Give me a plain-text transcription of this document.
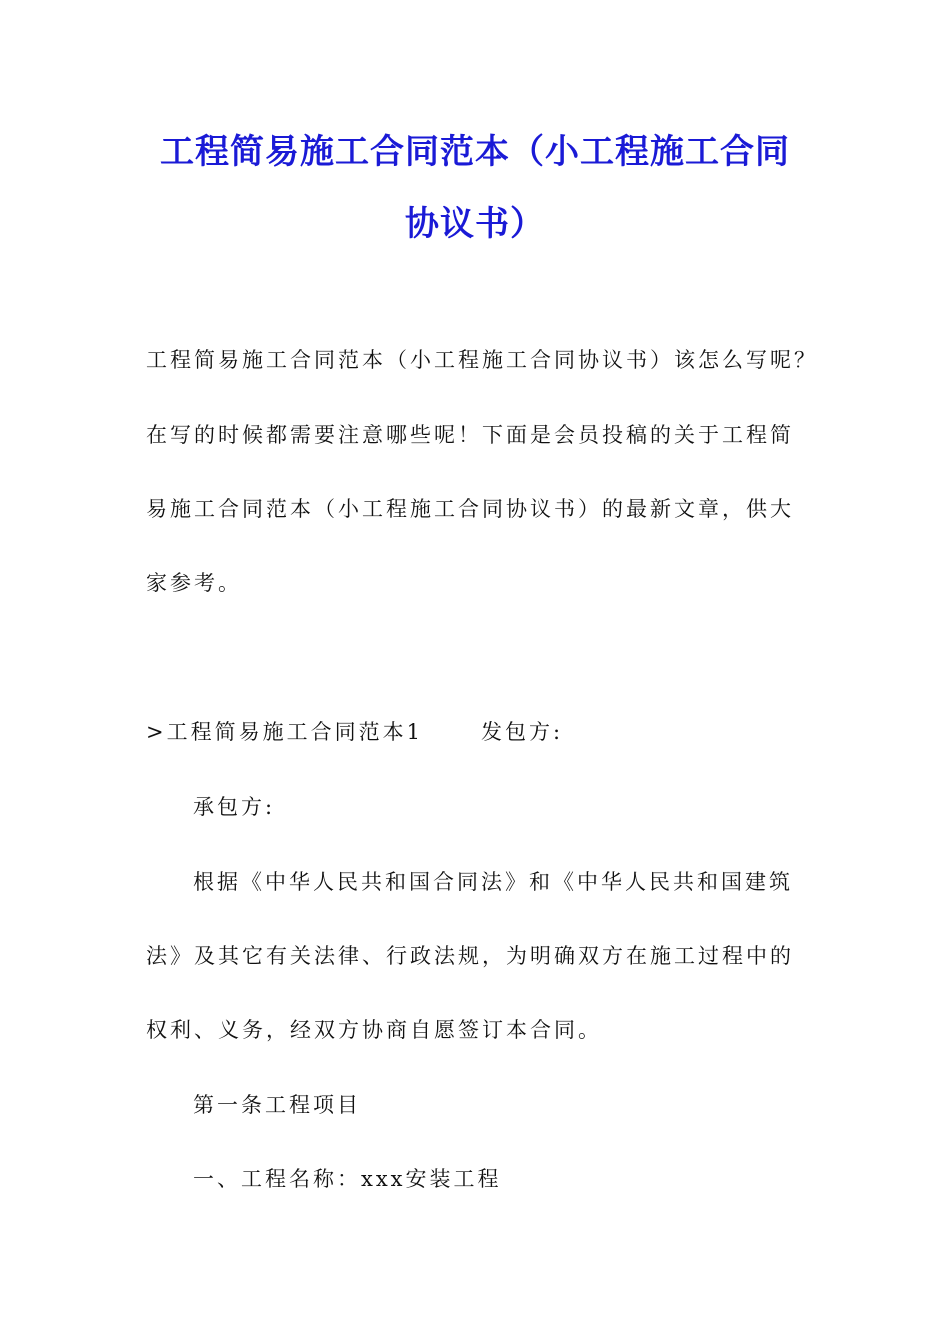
工程简易施工合同范本（小工程施工合同
协议书）
工程简易施工合同范本（小工程施工合同协议书）该怎么写呢？
在写的时候都需要注意哪些呢！下面是会员投稿的关于工程简
易施工合同范本（小工程施工合同协议书）的最新文章，供大
家参考。
>工程简易施工合同范本1	发包方:
承包方:
根据《中华人民共和国合同法》和《中华人民共和国建筑
法》及其它有关法律、行政法规，为明确双方在施工过程中的
权利、义务，经双方协商自愿签订本合同。
第一条工程项目
一、工程名称：xxx安装工程
